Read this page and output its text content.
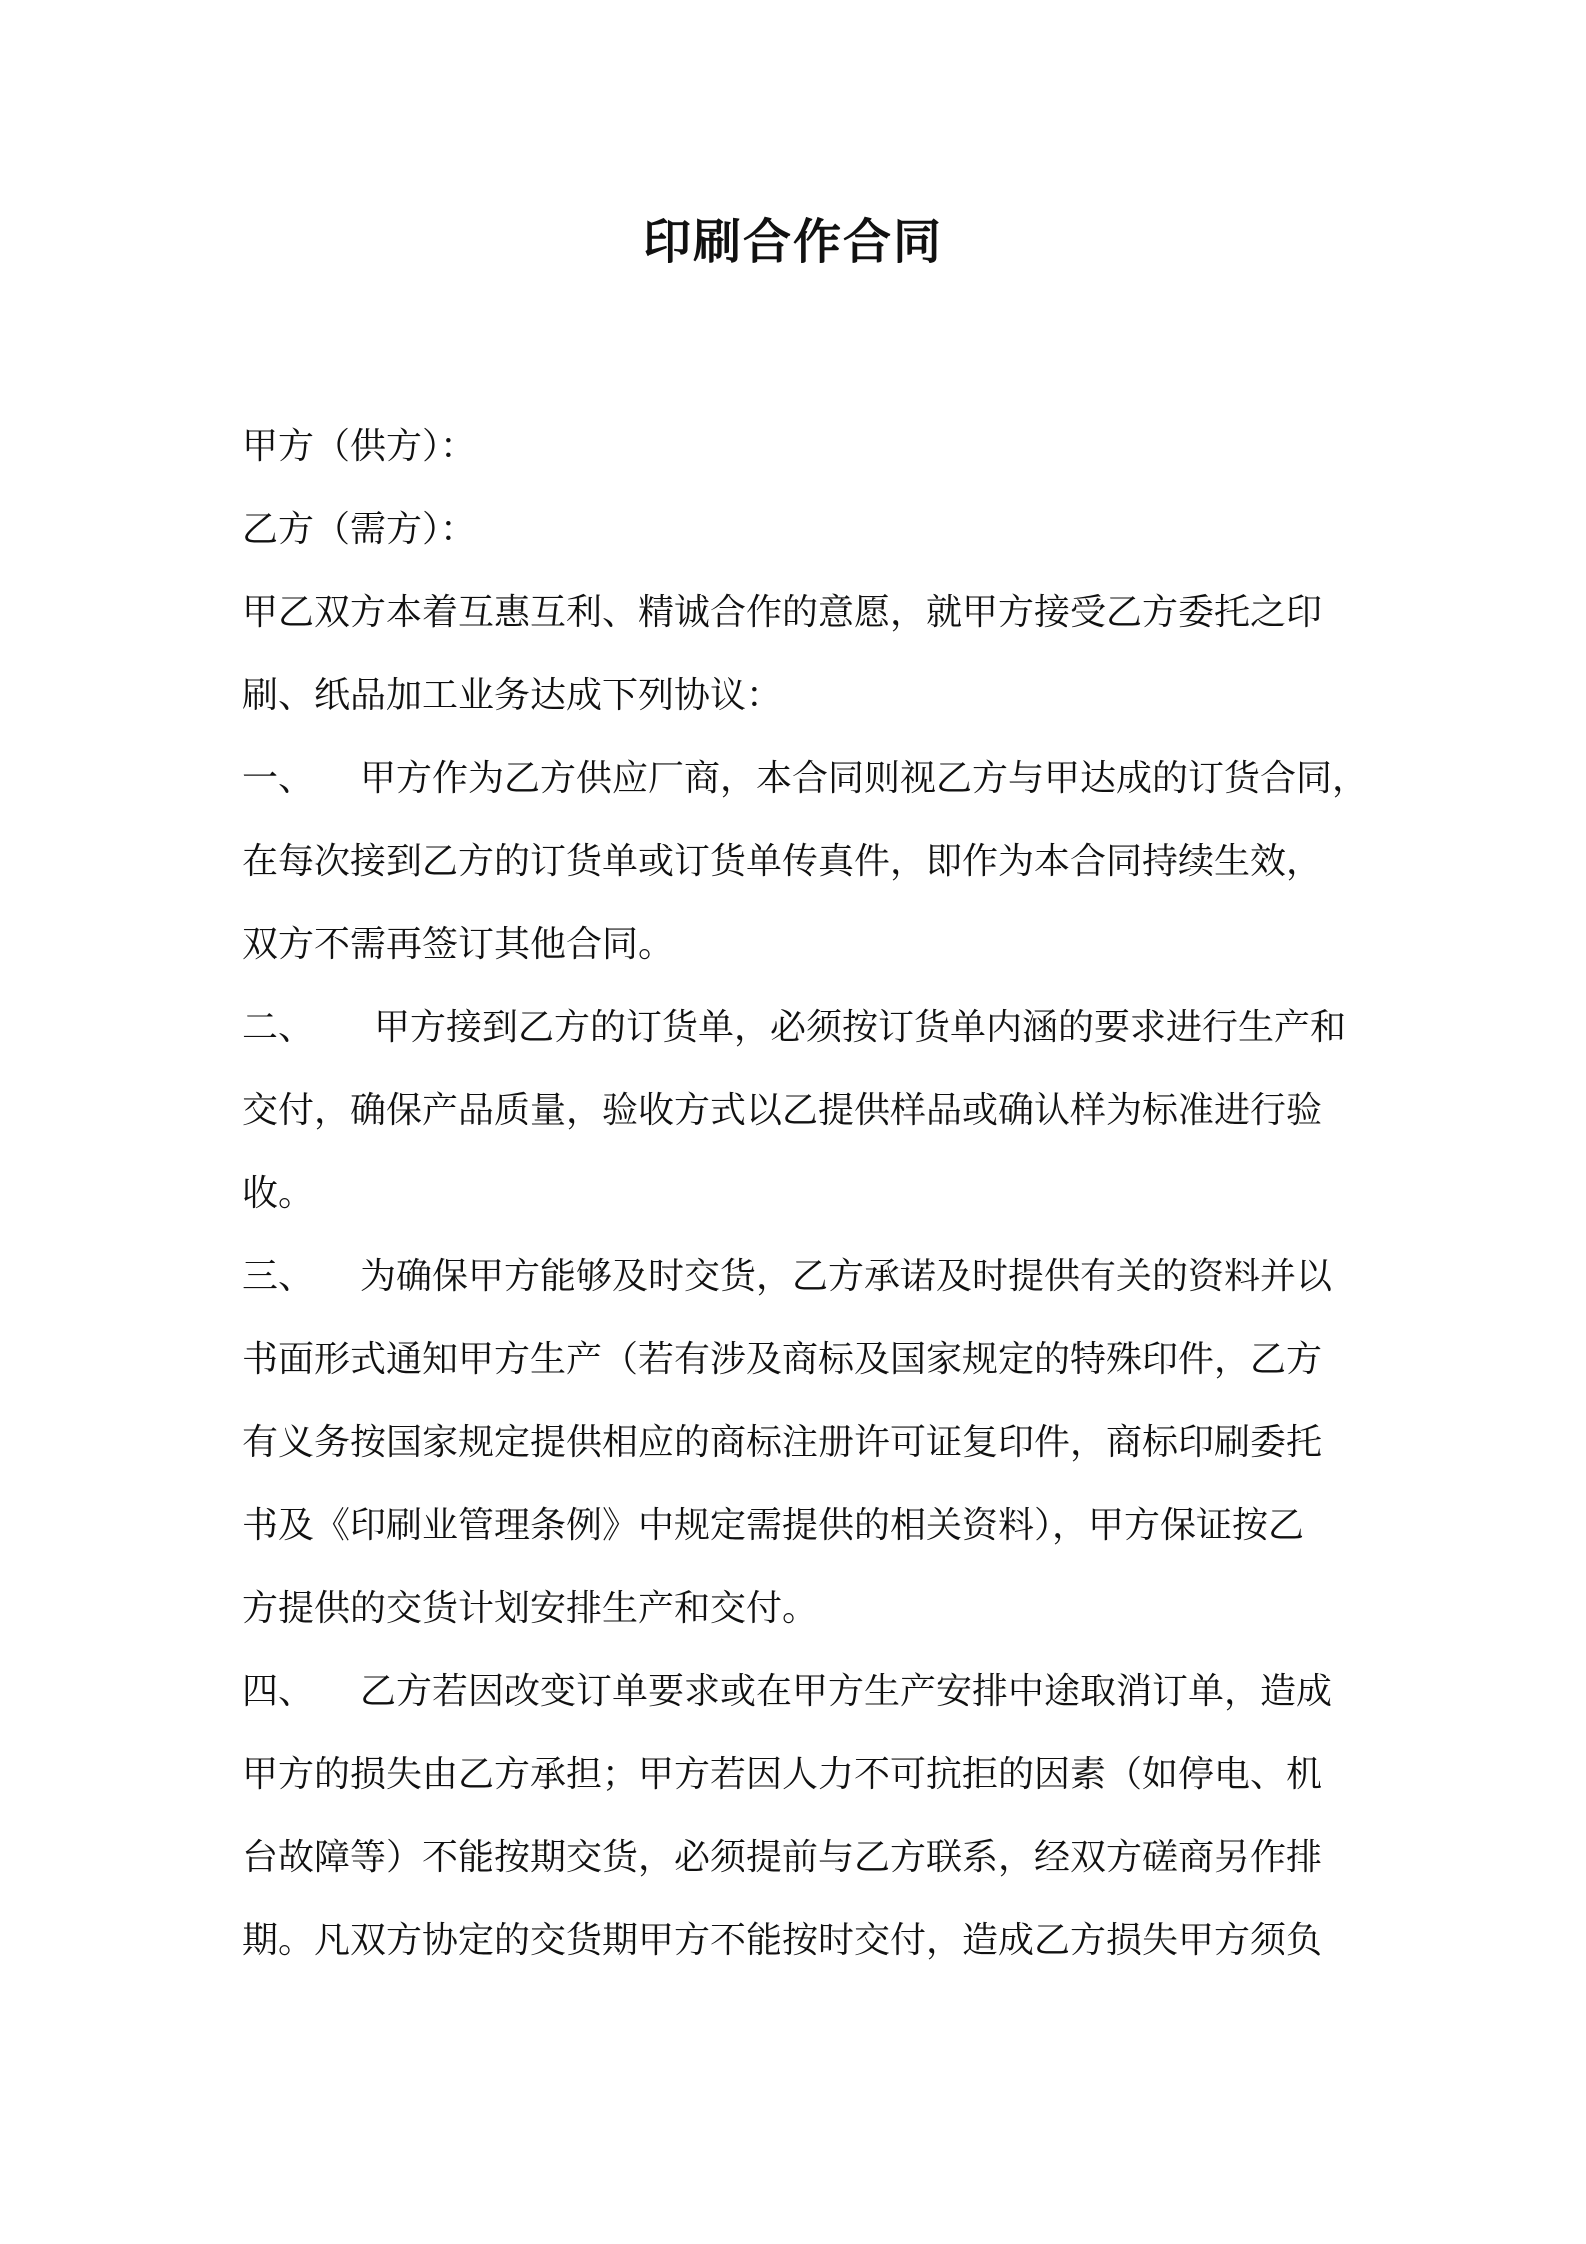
印刷合作合同
甲方（供方）：
乙方（需方）：
甲乙双方本着互惠互利、精诚合作的意愿，就甲方接受乙方委托之印
刷、纸品加工业务达成下列协议：
一、 甲方作为乙方供应厂商，本合同则视乙方与甲达成的订货合同，
在每次接到乙方的订货单或订货单传真件，即作为本合同持续生效，
双方不需再签订其他合同。
二、 甲方接到乙方的订货单，必须按订货单内涵的要求进行生产和
交付，确保产品质量，验收方式以乙提供样品或确认样为标准进行验
收。
三、 为确保甲方能够及时交货，乙方承诺及时提供有关的资料并以
书面形式通知甲方生产（若有涉及商标及国家规定的特殊印件，乙方
有义务按国家规定提供相应的商标注册许可证复印件，商标印刷委托
书及《印刷业管理条例》中规定需提供的相关资料），甲方保证按乙
方提供的交货计划安排生产和交付。
四、 乙方若因改变订单要求或在甲方生产安排中途取消订单，造成
甲方的损失由乙方承担；甲方若因人力不可抗拒的因素（如停电、机
台故障等）不能按期交货，必须提前与乙方联系，经双方磋商另作排
期。凡双方协定的交货期甲方不能按时交付，造成乙方损失甲方须负
